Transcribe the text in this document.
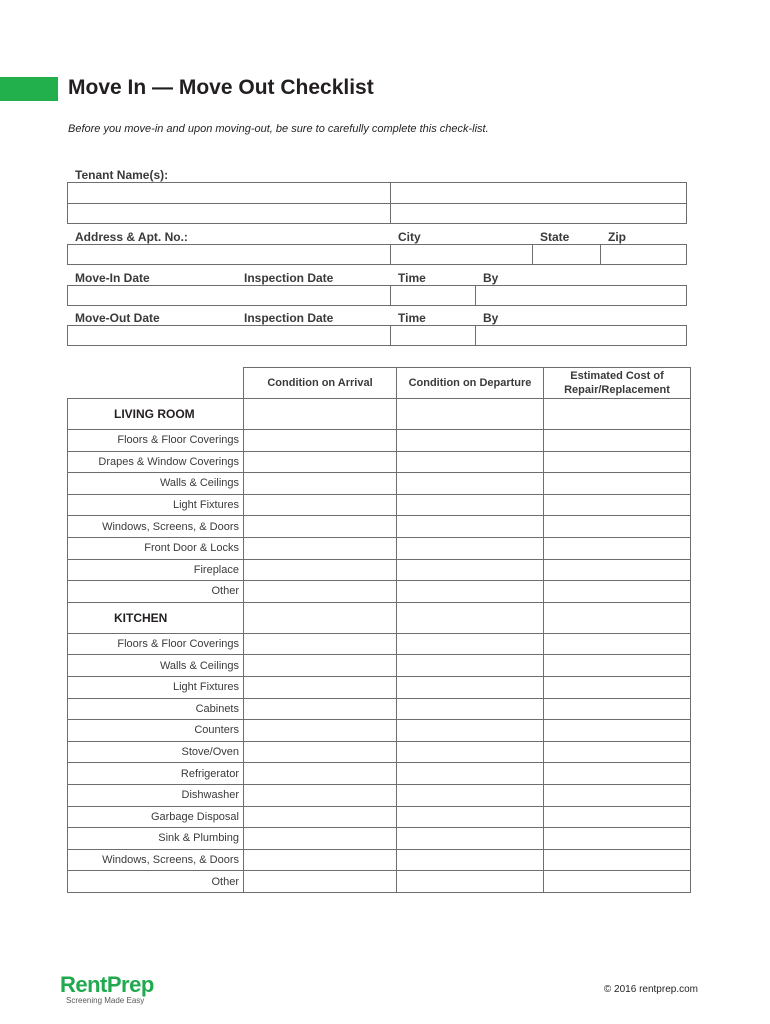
Move In — Move Out Checklist
Before you move-in and upon moving-out, be sure to carefully complete this check-list.
Tenant Name(s):
Address & Apt. No.:	City	State	Zip
Move-In Date	Inspection Date	Time	By
Move-Out Date	Inspection Date	Time	By
	Condition on Arrival	Condition on Departure	Estimated Cost of Repair/Replacement
LIVING ROOM			
Floors & Floor Coverings			
Drapes & Window Coverings			
Walls & Ceilings			
Light Fixtures			
Windows, Screens, & Doors			
Front Door & Locks			
Fireplace			
Other			
KITCHEN			
Floors & Floor Coverings			
Walls & Ceilings			
Light Fixtures			
Cabinets			
Counters			
Stove/Oven			
Refrigerator			
Dishwasher			
Garbage Disposal			
Sink & Plumbing			
Windows, Screens, & Doors			
Other			
RentPrep
Screening Made Easy
© 2016 rentprep.com
